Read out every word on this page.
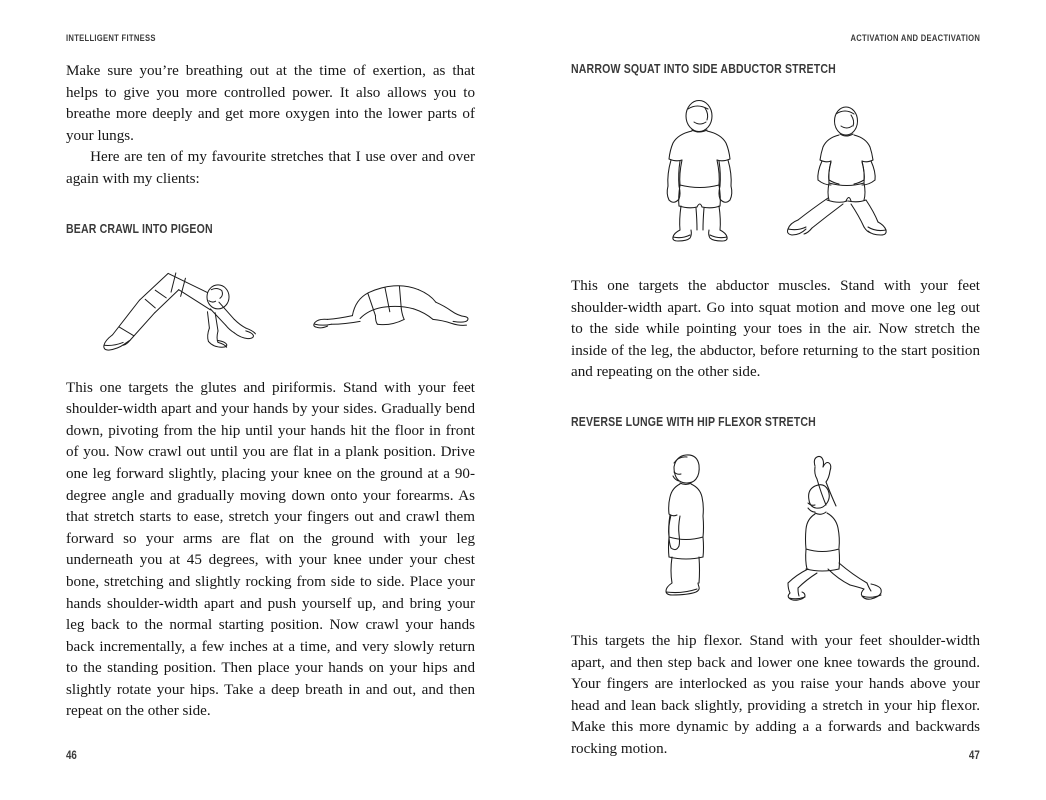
INTELLIGENT FITNESS

Make sure you’re breathing out at the time of exertion, as that helps to give you more controlled power. It also allows you to breathe more deeply and get more oxygen into the lower parts of your lungs.

Here are ten of my favourite stretches that I use over and over again with my clients:

BEAR CRAWL INTO PIGEON

This one targets the glutes and piriformis. Stand with your feet shoulder-width apart and your hands by your sides. Gradually bend down, pivoting from the hip until your hands hit the floor in front of you. Now crawl out until you are flat in a plank position. Drive one leg forward slightly, placing your knee on the ground at a 90-degree angle and gradually moving down onto your forearms. As that stretch starts to ease, stretch your fingers out and crawl them forward so your arms are flat on the ground with your leg underneath you at 45 degrees, with your knee under your chest bone, stretching and slightly rocking from side to side. Place your hands shoulder-width apart and push yourself up, and bring your leg back to the normal starting position. Now crawl your hands back incrementally, a few inches at a time, and very slowly return to the standing position. Then place your hands on your hips and slightly rotate your hips. Take a deep breath in and out, and then repeat on the other side.

46
ACTIVATION AND DEACTIVATION
NARROW SQUAT INTO SIDE ABDUCTOR STRETCH

This one targets the abductor muscles. Stand with your feet shoulder-width apart. Go into squat motion and move one leg out to the side while pointing your toes in the air. Now stretch the inside of the leg, the abductor, before returning to the start position and repeating on the other side.

REVERSE LUNGE WITH HIP FLEXOR STRETCH

This targets the hip flexor. Stand with your feet shoulder-width apart, and then step back and lower one knee towards the ground. Your fingers are interlocked as you raise your hands above your head and lean back slightly, providing a stretch in your hip flexor. Make this more dynamic by adding a a forwards and backwards rocking motion.	47
